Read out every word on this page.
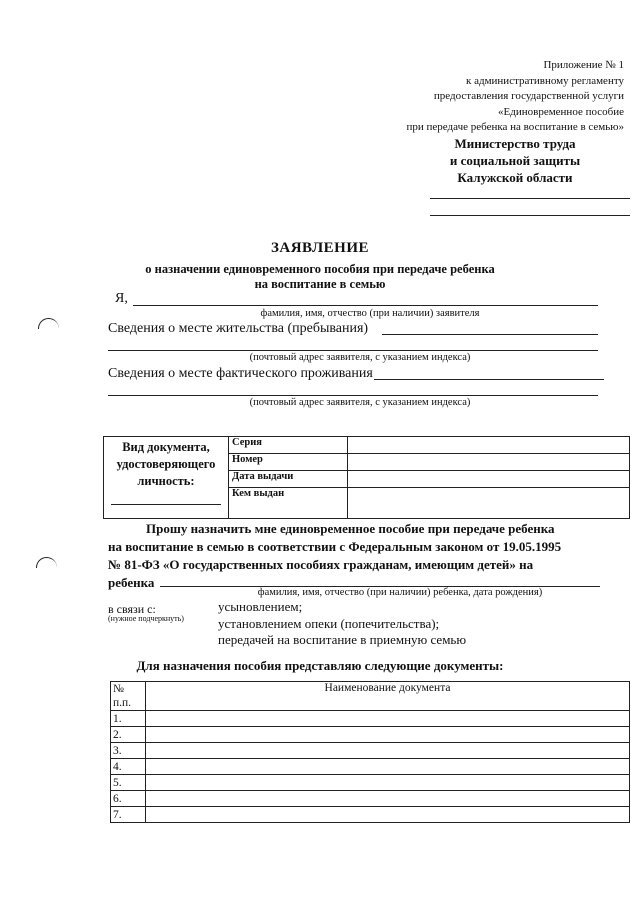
Приложение № 1
к административному регламенту
предоставления государственной услуги
«Единовременное пособие
при передаче ребенка на воспитание в семью»
Министерство труда
и социальной защиты
Калужской области
ЗАЯВЛЕНИЕ
о назначении единовременного пособия при передаче ребенка
на воспитание в семью
Я,
фамилия, имя, отчество (при наличии) заявителя
Сведения о месте жительства (пребывания)
(почтовый адрес заявителя, с указанием индекса)
Сведения о месте фактического проживания
(почтовый адрес заявителя, с указанием индекса)
Вид документа,
удостоверяющего
личность:	Серия	
	Номер	
	Дата выдачи	
	Кем выдан	
Прошу назначить мне единовременное пособие при передаче ребенка
на воспитание в семью в соответствии с Федеральным законом от 19.05.1995
№ 81-ФЗ «О государственных пособиях гражданам, имеющим детей» на
ребенка
фамилия, имя, отчество (при наличии) ребенка, дата рождения)
в связи с:
(нужное подчеркнуть)
усыновлением;
установлением опеки (попечительства);
передачей на воспитание в приемную семью
Для назначения пособия представляю следующие документы:
№
п.п.	Наименование документа
1.	
2.	
3.	
4.	
5.	
6.	
7.	
